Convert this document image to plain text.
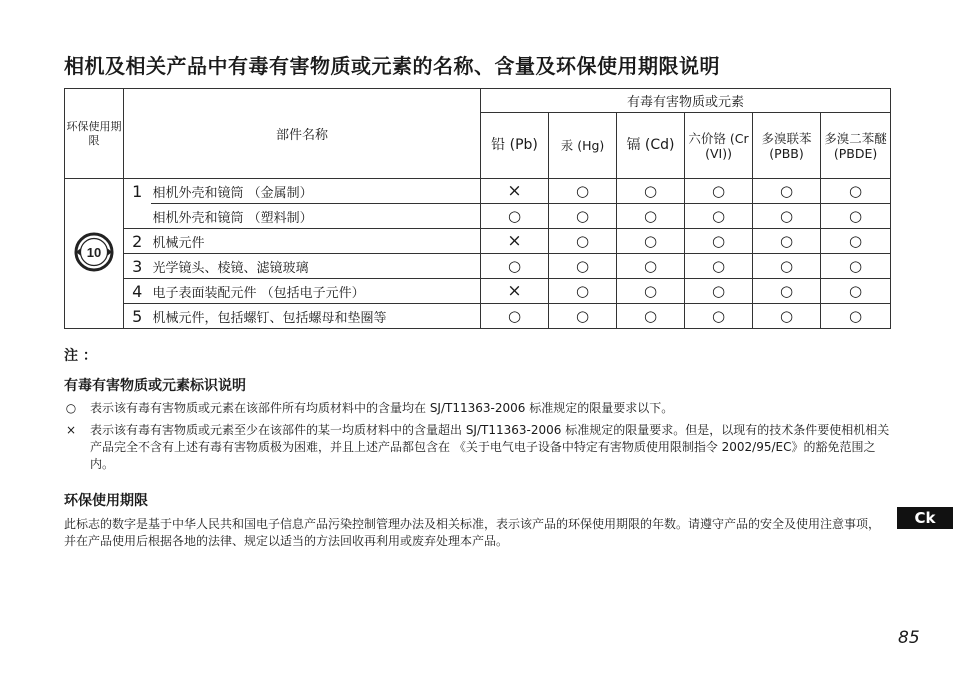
相机及相关产品中有毒有害物质或元素的名称、含量及环保使用期限说明
环保使用期限	部件名称		有毒有害物质或元素					
			铅 (Pb)	汞 (Hg)	镉 (Cd)	六价铬 (Cr (VI))	多溴联苯 (PBB)	多溴二苯醚 (PBDE)

10	1	相机外壳和镜筒 （金属制）	×	○	○	○	○	○
		相机外壳和镜筒 （塑料制）	○	○	○	○	○	○

	2	机械元件	×	○	○	○	○	○

	3	光学镜头、棱镜、滤镜玻璃	○	○	○	○	○	○

	4	电子表面装配元件 （包括电子元件）	×	○	○	○	○	○

	5	机械元件，包括螺钉、包括螺母和垫圈等	○	○	○	○	○	○
注 ：
有毒有害物质或元素标识说明
○ 表示该有毒有害物质或元素在该部件所有均质材料中的含量均在 SJ/T11363-2006 标准规定的限量要求以下。
× 表示该有毒有害物质或元素至少在该部件的某一均质材料中的含量超出 SJ/T11363-2006 标准规定的限量要求。但是，以现有的技术条件要使相机相关产品完全不含有上述有毒有害物质极为困难，并且上述产品都包含在 《关于电气电子设备中特定有害物质使用限制指令 2002/95/EC》的豁免范围之内。
环保使用期限
此标志的数字是基于中华人民共和国电子信息产品污染控制管理办法及相关标准，表示该产品的环保使用期限的年数。请遵守产品的安全及使用注意事项，并在产品使用后根据各地的法律、规定以适当的方法回收再利用或废弃处理本产品。
Ck
85
